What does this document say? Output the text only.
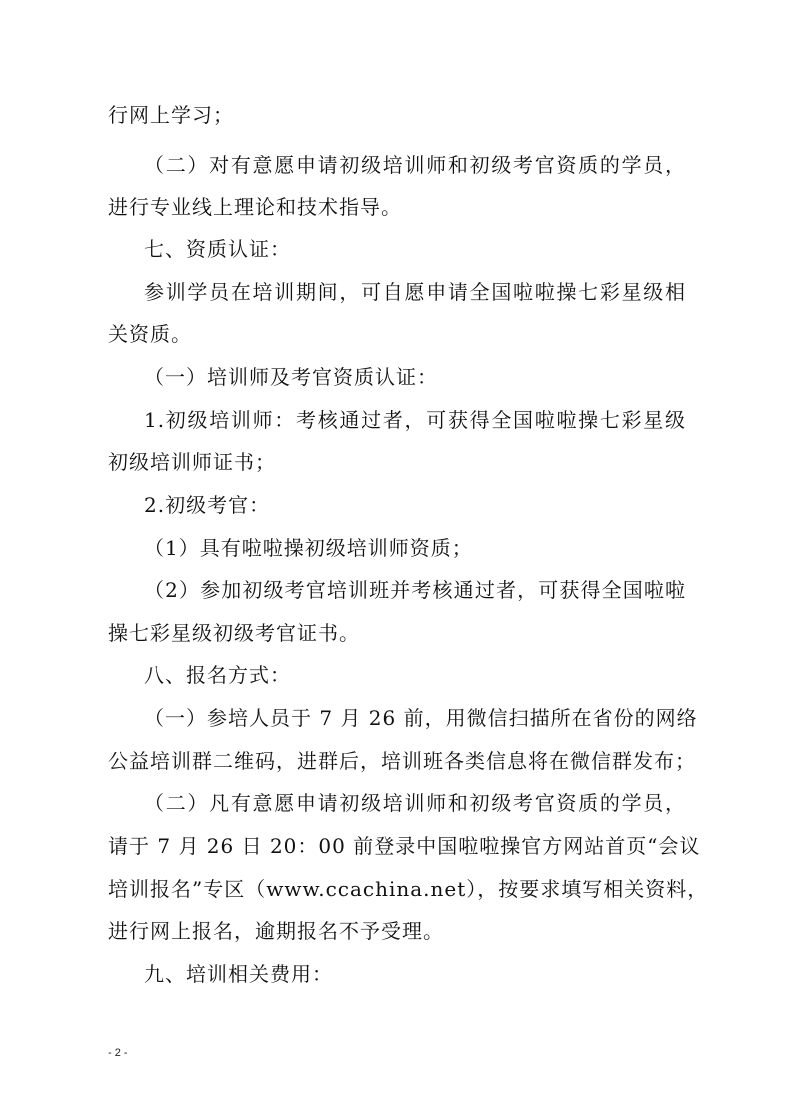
行网上学习；
（二）对有意愿申请初级培训师和初级考官资质的学员，
进行专业线上理论和技术指导。
七、资质认证：
参训学员在培训期间，可自愿申请全国啦啦操七彩星级相
关资质。
（一）培训师及考官资质认证：
1.初级培训师：考核通过者，可获得全国啦啦操七彩星级
初级培训师证书；
2.初级考官：
（1）具有啦啦操初级培训师资质；
（2）参加初级考官培训班并考核通过者，可获得全国啦啦
操七彩星级初级考官证书。
八、报名方式：
（一）参培人员于 7 月 26 前，用微信扫描所在省份的网络
公益培训群二维码，进群后，培训班各类信息将在微信群发布；
（二）凡有意愿申请初级培训师和初级考官资质的学员，
请于 7 月 26 日 20：00 前登录中国啦啦操官方网站首页“会议
培训报名”专区（www.ccachina.net），按要求填写相关资料，
进行网上报名，逾期报名不予受理。
九、培训相关费用：
- 2 -
